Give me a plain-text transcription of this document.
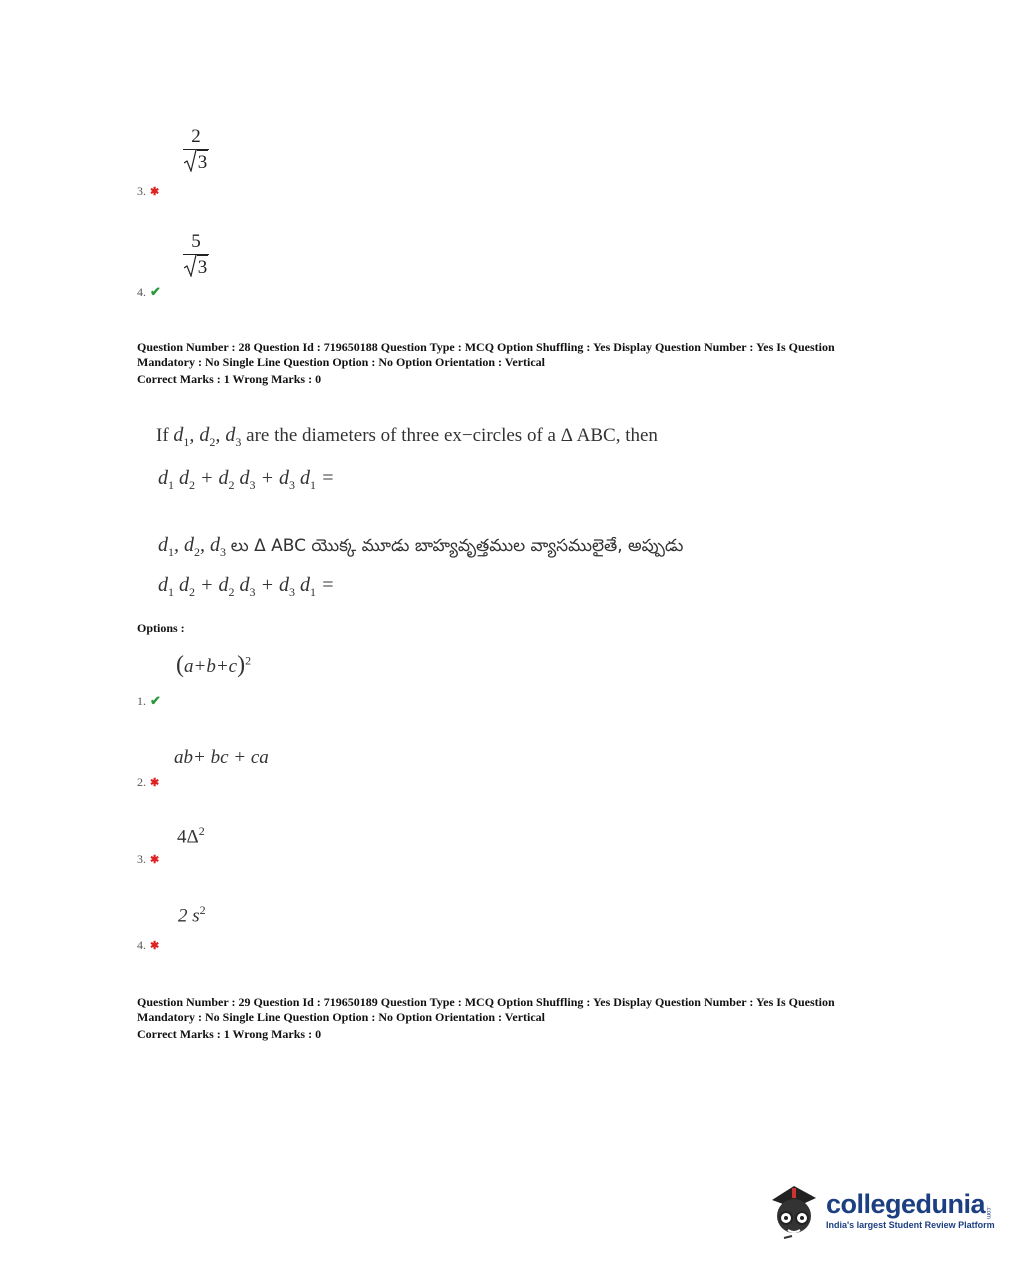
$\frac{2}{3}$
3. ✱
$\frac{5}{3}$
4. ✔
Question Number : 28 Question Id : 719650188 Question Type : MCQ Option Shuffling : Yes Display Question Number : Yes Is Question
Mandatory : No Single Line Question Option : No Option Orientation : Vertical
Correct Marks : 1 Wrong Marks : 0
If $d_1$, $d_2$, $d_3$ are the diameters of three ex−circles of a Δ ABC, then
$d_1$ $d_2 + d_2$ $d_3 + d_3$ $d_1$ =
$d_1$, $d_2$, $d_3$ లు Δ ABC యొక్క మూడు బాహ్యవృత్తముల వ్యాసములైతే, అప్పుడు
$d_1$ $d_2 + d_2$ $d_3 + d_3$ $d_1$ =
Options :
$(a+b+c)^2$
1. ✔
ab+ bc + ca
2. ✱
$4\Delta^2$
3. ✱
2 $s^2$
4. ✱
Question Number : 29 Question Id : 719650189 Question Type : MCQ Option Shuffling : Yes Display Question Number : Yes Is Question
Mandatory : No Single Line Question Option : No Option Orientation : Vertical
Correct Marks : 1 Wrong Marks : 0
collegedunia .com
India's largest Student Review Platform
